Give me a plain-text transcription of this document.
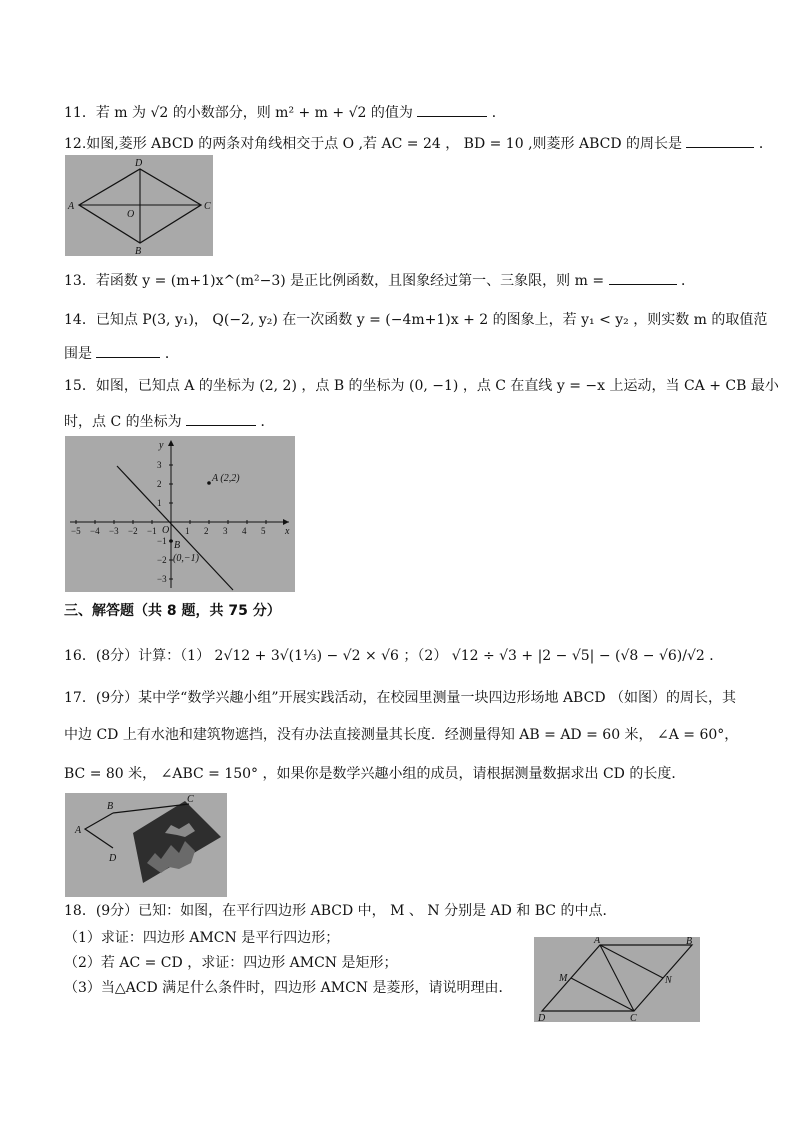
11．若 m 为 √2 的小数部分，则 m² + m + √2 的值为	．
12.如图,菱形 ABCD 的两条对角线相交于点 O ,若 AC = 24 ， BD = 10 ,则菱形 ABCD 的周长是	．
A
D
C
B
O
13．若函数 y = (m+1)x^(m²−3) 是正比例函数，且图象经过第一、三象限，则 m =	．
14．已知点 P(3, y₁)， Q(−2, y₂) 在一次函数 y = (−4m+1)x + 2 的图象上，若 y₁ < y₂ ，则实数 m 的取值范
围是	．
15．如图，已知点 A 的坐标为 (2, 2) ，点 B 的坐标为 (0, −1) ，点 C 在直线 y = −x 上运动，当 CA + CB 最小
时，点 C 的坐标为	．
x
y
O
−5 −4 −3 −2 −1	1 2 3 4 5
3
2
1
−1
−2
−3
A (2,2)
B
(0,−1)
三、解答题（共 8 题，共 75 分）
16．(8分）计算：（1） 2√12 + 3√(1⅓) − √2 × √6 ；（2） √12 ÷ √3 + |2 − √5| − (√8 − √6)/√2 ．
17．(9分）某中学“数学兴趣小组”开展实践活动，在校园里测量一块四边形场地 ABCD （如图）的周长，其
中边 CD 上有水池和建筑物遮挡，没有办法直接测量其长度．经测量得知 AB = AD = 60 米， ∠A = 60°，
BC = 80 米， ∠ABC = 150° ，如果你是数学兴趣小组的成员，请根据测量数据求出 CD 的长度．
A
B
C
D
18．(9分）已知：如图，在平行四边形 ABCD 中， M 、 N 分别是 AD 和 BC 的中点．
（1）求证：四边形 AMCN 是平行四边形；
（2）若 AC = CD ，求证：四边形 AMCN 是矩形；
（3）当△ACD 满足什么条件时，四边形 AMCN 是菱形，请说明理由．
A	B
C
D
M	N
